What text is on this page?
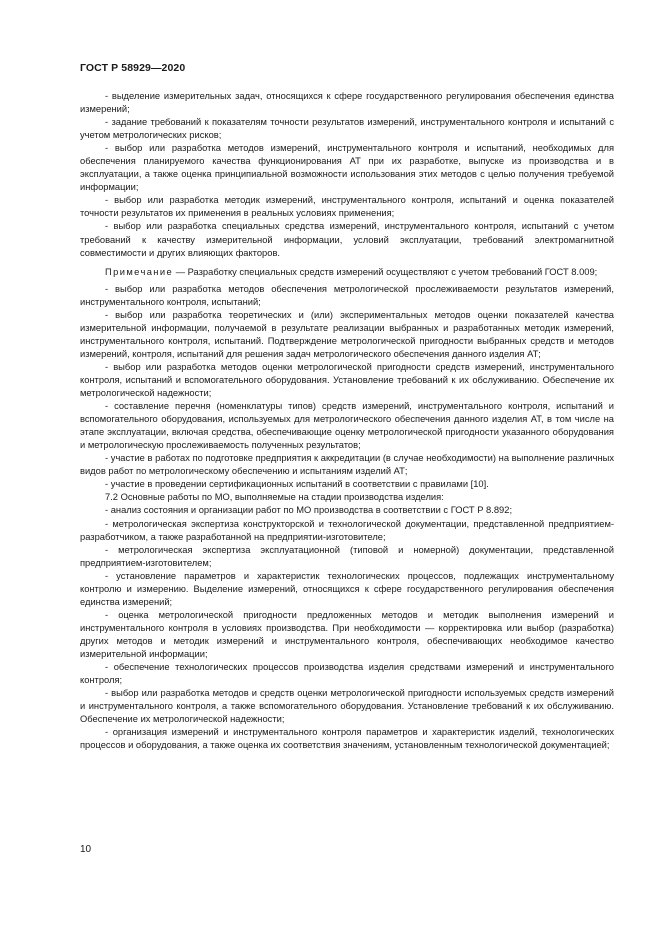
ГОСТ Р 58929—2020

- выделение измерительных задач, относящихся к сфере государственного регулирования обеспечения единства измерений;

- задание требований к показателям точности результатов измерений, инструментального контроля и испытаний с учетом метрологических рисков;

- выбор или разработка методов измерений, инструментального контроля и испытаний, необходимых для обеспечения планируемого качества функционирования АТ при их разработке, выпуске из производства и в эксплуатации, а также оценка принципиальной возможности использования этих методов с целью получения требуемой информации;

- выбор или разработка методик измерений, инструментального контроля, испытаний и оценка показателей точности результатов их применения в реальных условиях применения;

- выбор или разработка специальных средства измерений, инструментального контроля, испытаний с учетом требований к качеству измерительной информации, условий эксплуатации, требований электромагнитной совместимости и других влияющих факторов.

Примечание — Разработку специальных средств измерений осуществляют с учетом требований ГОСТ 8.009;

- выбор или разработка методов обеспечения метрологической прослеживаемости результатов измерений, инструментального контроля, испытаний;

- выбор или разработка теоретических и (или) экспериментальных методов оценки показателей качества измерительной информации, получаемой в результате реализации выбранных и разработанных методик измерений, инструментального контроля, испытаний. Подтверждение метрологической пригодности выбранных средств и методов измерений, контроля, испытаний для решения задач метрологического обеспечения данного изделия АТ;

- выбор или разработка методов оценки метрологической пригодности средств измерений, инструментального контроля, испытаний и вспомогательного оборудования. Установление требований к их обслуживанию. Обеспечение их метрологической надежности;

- составление перечня (номенклатуры типов) средств измерений, инструментального контроля, испытаний и вспомогательного оборудования, используемых для метрологического обеспечения данного изделия АТ, в том числе на этапе эксплуатации, включая средства, обеспечивающие оценку метрологической пригодности указанного оборудования и метрологическую прослеживаемость полученных результатов;

- участие в работах по подготовке предприятия к аккредитации (в случае необходимости) на выполнение различных видов работ по метрологическому обеспечению и испытаниям изделий АТ;

- участие в проведении сертификационных испытаний в соответствии с правилами [10].

7.2 Основные работы по МО, выполняемые на стадии производства изделия:

- анализ состояния и организации работ по МО производства в соответствии с ГОСТ Р 8.892;

- метрологическая экспертиза конструкторской и технологической документации, представленной предприятием-разработчиком, а также разработанной на предприятии-изготовителе;

- метрологическая экспертиза эксплуатационной (типовой и номерной) документации, представленной предприятием-изготовителем;

- установление параметров и характеристик технологических процессов, подлежащих инструментальному контролю и измерению. Выделение измерений, относящихся к сфере государственного регулирования обеспечения единства измерений;

- оценка метрологической пригодности предложенных методов и методик выполнения измерений и инструментального контроля в условиях производства. При необходимости — корректировка или выбор (разработка) других методов и методик измерений и инструментального контроля, обеспечивающих необходимое качество измерительной информации;

- обеспечение технологических процессов производства изделия средствами измерений и инструментального контроля;

- выбор или разработка методов и средств оценки метрологической пригодности используемых средств измерений и инструментального контроля, а также вспомогательного оборудования. Установление требований к их обслуживанию. Обеспечение их метрологической надежности;

- организация измерений и инструментального контроля параметров и характеристик изделий, технологических процессов и оборудования, а также оценка их соответствия значениям, установленным технологической документацией;

10
